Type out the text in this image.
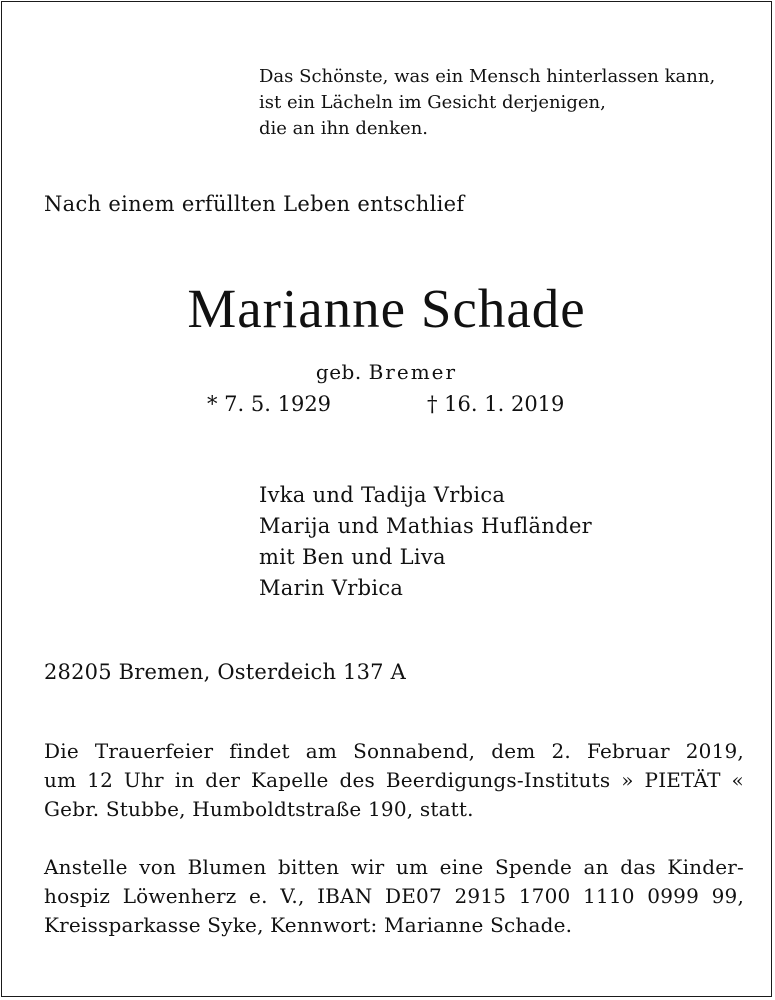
Das Schönste, was ein Mensch hinterlassen kann,
ist ein Lächeln im Gesicht derjenigen,
die an ihn denken.
Nach einem erfüllten Leben entschlief
Marianne Schade
geb. Bremer
* 7. 5. 1929	† 16. 1. 2019
Ivka und Tadija Vrbica
Marija und Mathias Hufländer
mit Ben und Liva
Marin Vrbica
28205 Bremen, Osterdeich 137 A
Die Trauerfeier findet am Sonnabend, dem 2. Februar 2019,
um 12 Uhr in der Kapelle des Beerdigungs-Instituts » PIETÄT «
Gebr. Stubbe, Humboldtstraße 190, statt.
Anstelle von Blumen bitten wir um eine Spende an das Kinder-
hospiz Löwenherz e. V., IBAN DE07 2915 1700 1110 0999 99,
Kreissparkasse Syke, Kennwort: Marianne Schade.
